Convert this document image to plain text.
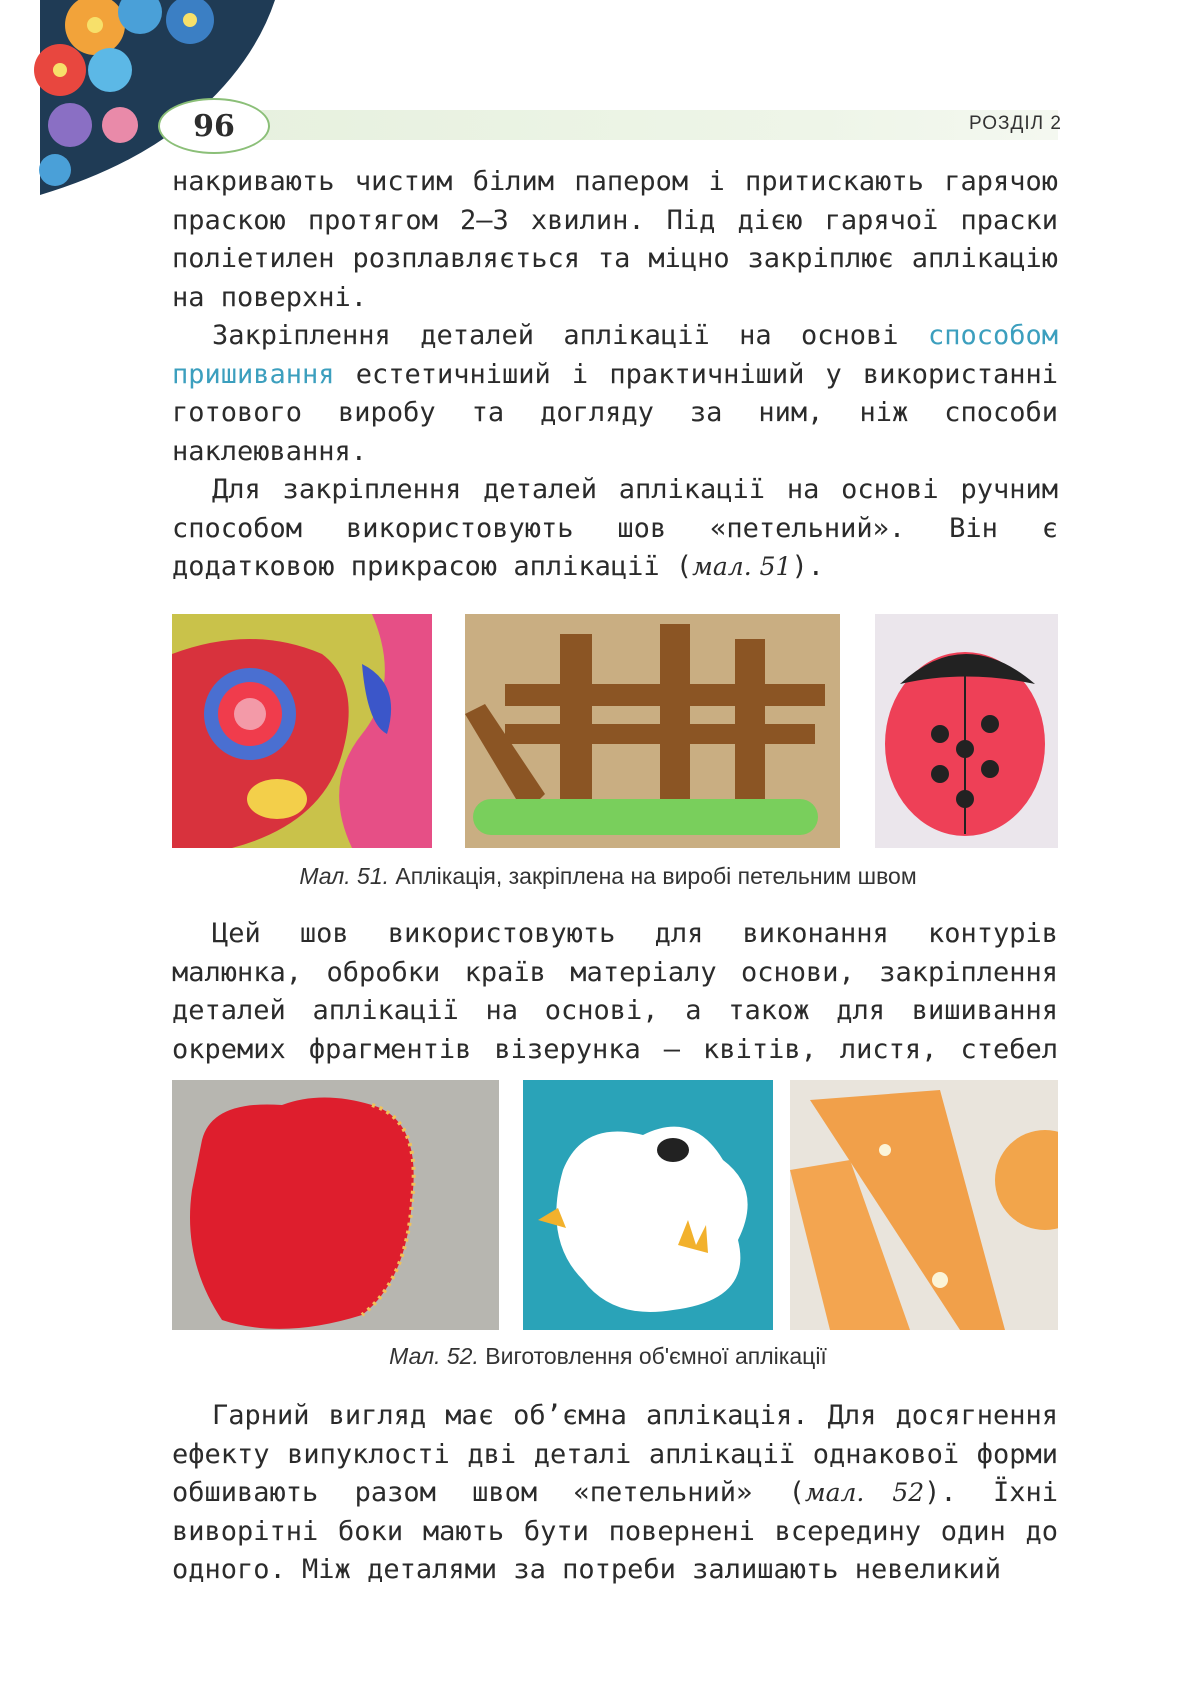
96	РОЗДІЛ 2

накривають чистим білим папером і притискають гарячою праскою протягом 2—3 хвилин. Під дією гарячої праски поліетилен розплавляється та міцно закріплює аплікацію на поверхні.

Закріплення деталей аплікації на основі способом пришивання естетичніший і практичніший у використанні готового виробу та догляду за ним, ніж способи наклеювання.

Для закріплення деталей аплікації на основі ручним способом використовують шов «петельний». Він є додатковою прикрасою аплікації (мал. 51).

Мал. 51. Аплікація, закріплена на виробі петельним швом

Цей шов використовують для виконання контурів малюнка, обробки країв матеріалу основи, закріплення деталей аплікації на основі, а також для вишивання окремих фрагментів візерунка — квітів, листя, стебел

Мал. 52. Виготовлення об'ємної аплікації

Гарний вигляд має об’ємна аплікація. Для досягнення ефекту випуклості дві деталі аплікації однакової форми обшивають разом швом «петельний» (мал. 52). Їхні виворітні боки мають бути повернені всередину один до одного. Між деталями за потреби залишають невеликий
